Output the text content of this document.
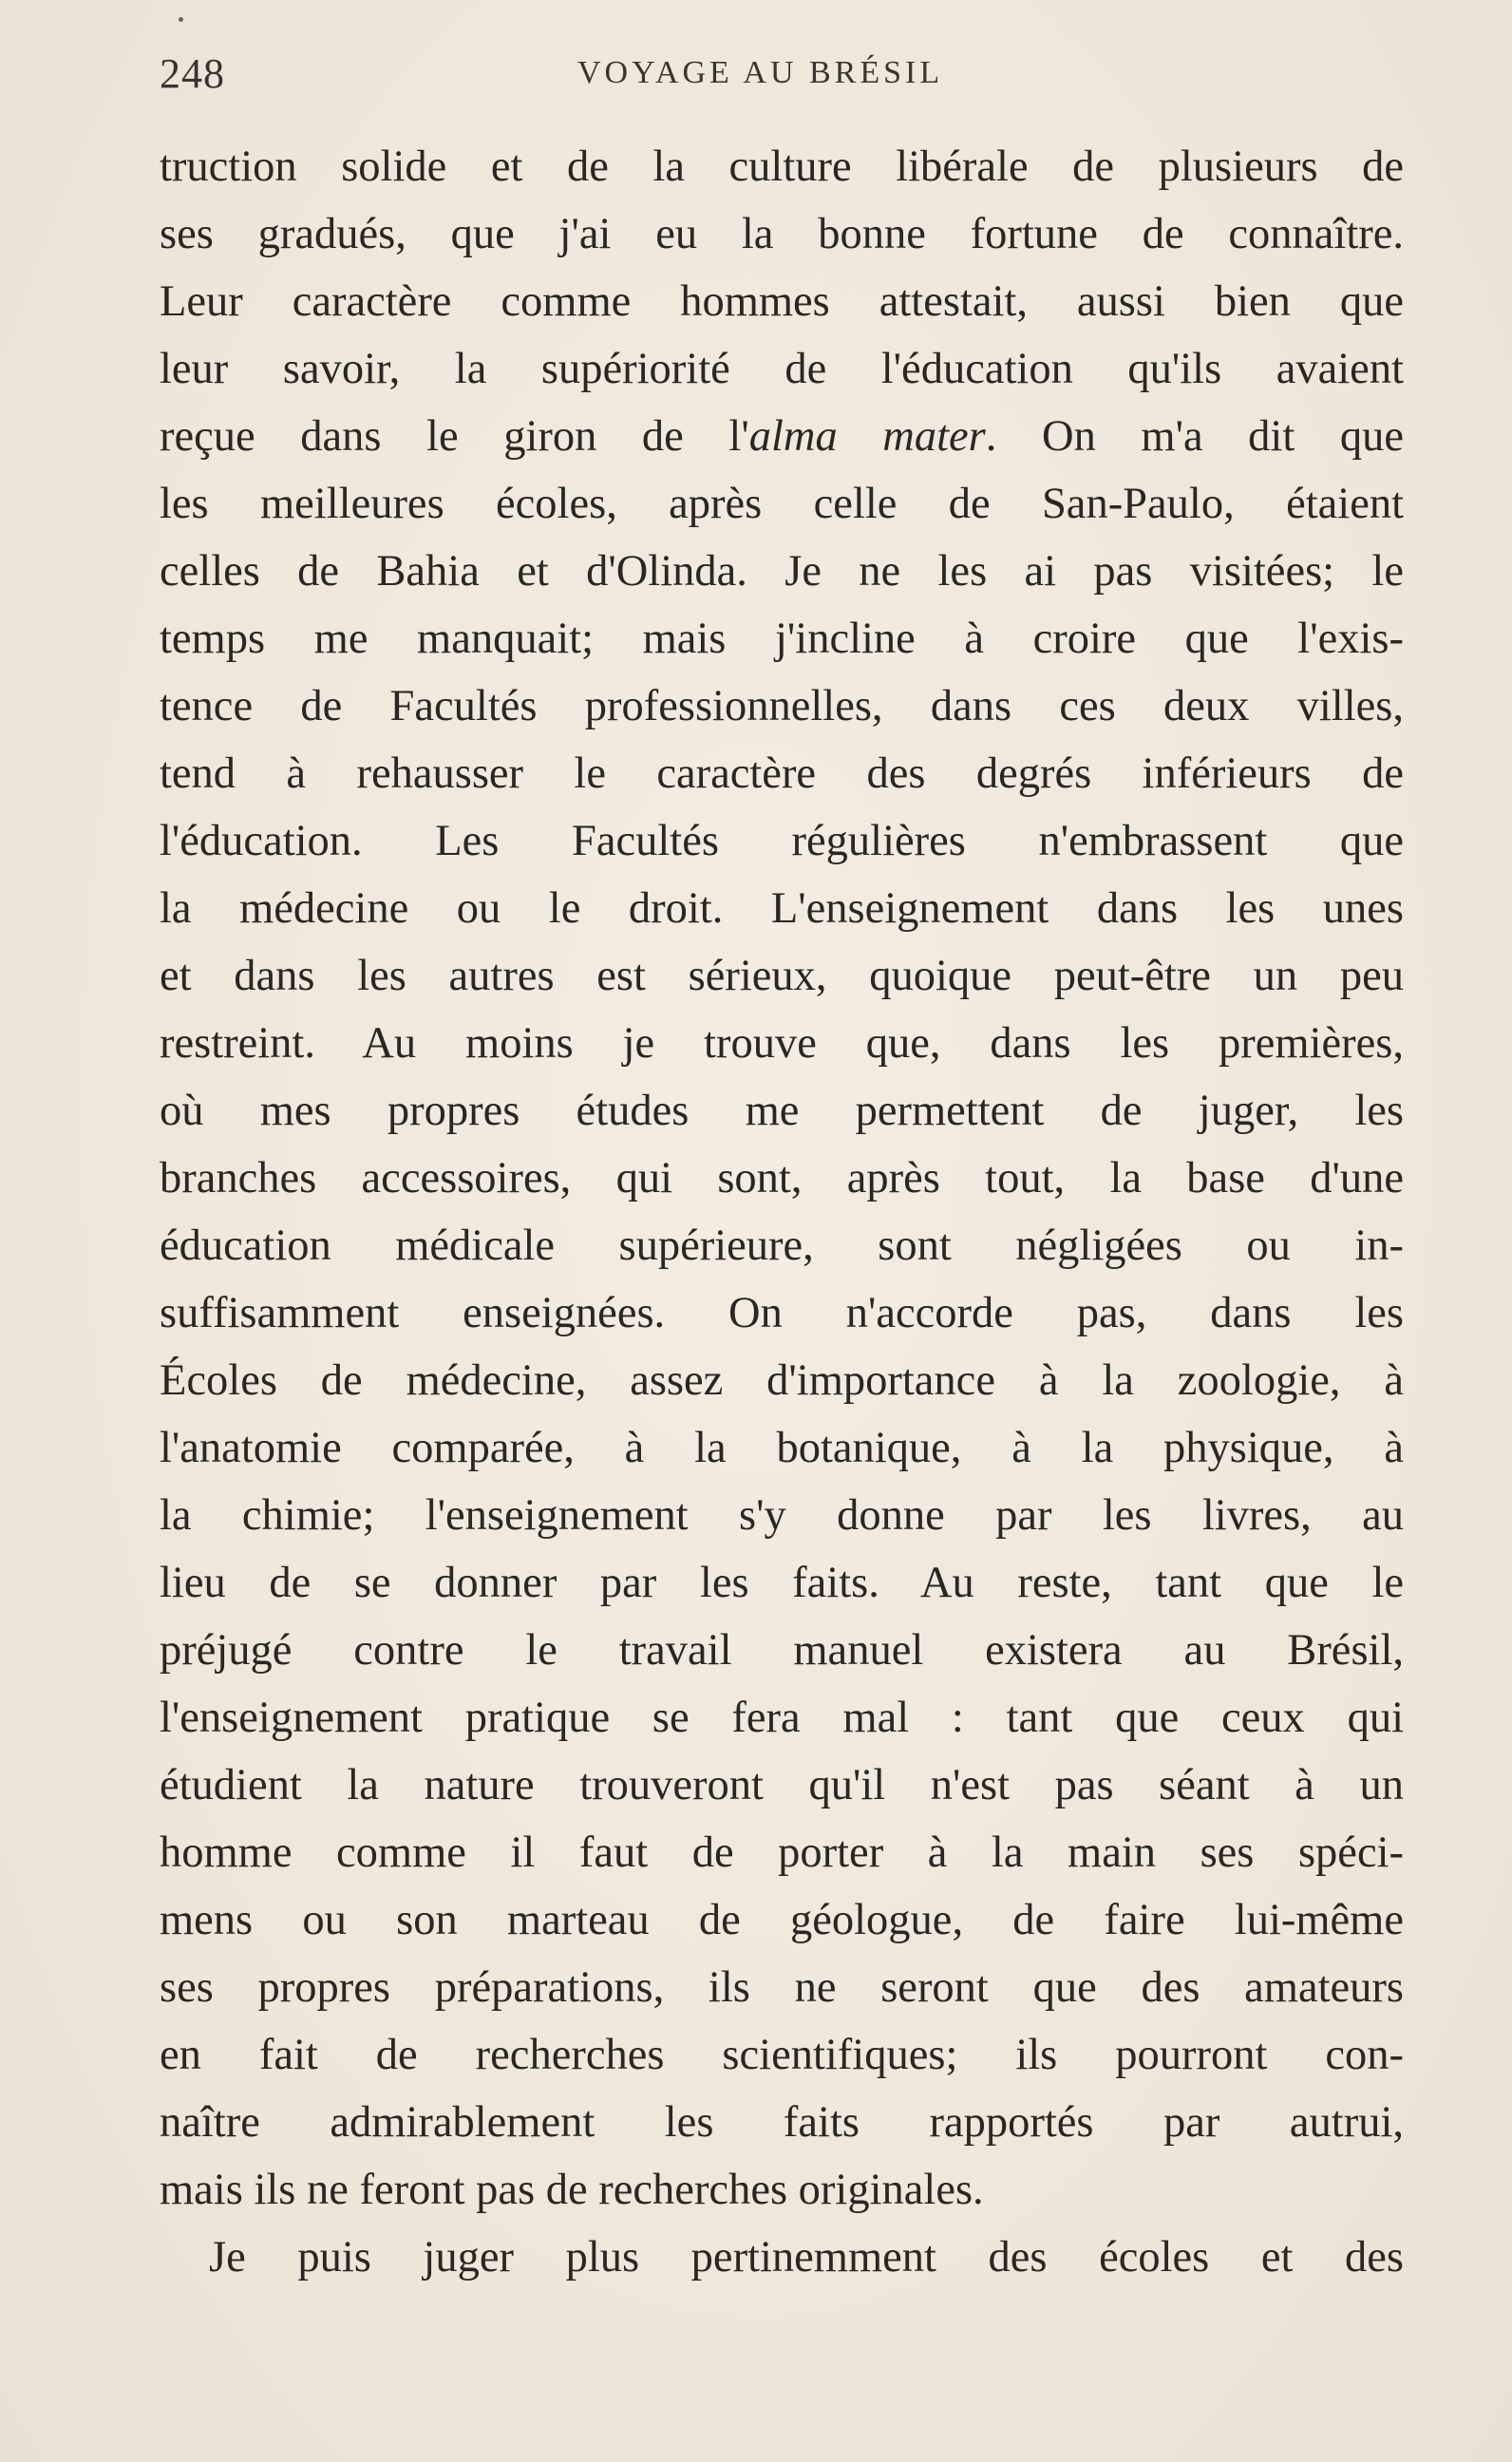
248	VOYAGE AU BRÉSIL
truction solide et de la culture libérale de plusieurs de
ses gradués, que j'ai eu la bonne fortune de connaître.
Leur caractère comme hommes attestait, aussi bien que
leur savoir, la supériorité de l'éducation qu'ils avaient
reçue dans le giron de l'alma mater. On m'a dit que
les meilleures écoles, après celle de San-Paulo, étaient
celles de Bahia et d'Olinda. Je ne les ai pas visitées; le
temps me manquait; mais j'incline à croire que l'exis-
tence de Facultés professionnelles, dans ces deux villes,
tend à rehausser le caractère des degrés inférieurs de
l'éducation. Les Facultés régulières n'embrassent que
la médecine ou le droit. L'enseignement dans les unes
et dans les autres est sérieux, quoique peut-être un peu
restreint. Au moins je trouve que, dans les premières,
où mes propres études me permettent de juger, les
branches accessoires, qui sont, après tout, la base d'une
éducation médicale supérieure, sont négligées ou in-
suffisamment enseignées. On n'accorde pas, dans les
Écoles de médecine, assez d'importance à la zoologie, à
l'anatomie comparée, à la botanique, à la physique, à
la chimie; l'enseignement s'y donne par les livres, au
lieu de se donner par les faits. Au reste, tant que le
préjugé contre le travail manuel existera au Brésil,
l'enseignement pratique se fera mal : tant que ceux qui
étudient la nature trouveront qu'il n'est pas séant à un
homme comme il faut de porter à la main ses spéci-
mens ou son marteau de géologue, de faire lui-même
ses propres préparations, ils ne seront que des amateurs
en fait de recherches scientifiques; ils pourront con-
naître admirablement les faits rapportés par autrui,
mais ils ne feront pas de recherches originales.
Je puis juger plus pertinemment des écoles et des
